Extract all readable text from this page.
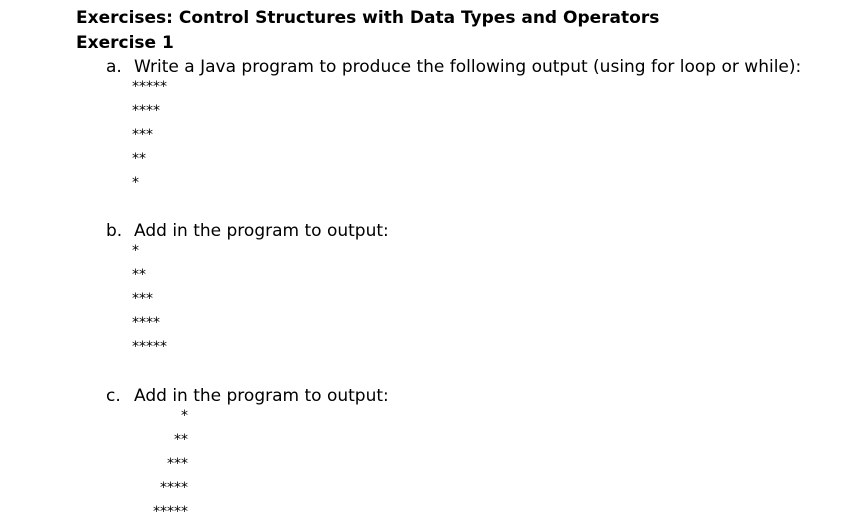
Exercises: Control Structures with Data Types and Operators
Exercise 1
a. Write a Java program to produce the following output (using for loop or while):

*****

****

***

**

*

b. Add in the program to output:

*

**

***

****

*****

c. Add in the program to output:

*

**

***

****

*****
